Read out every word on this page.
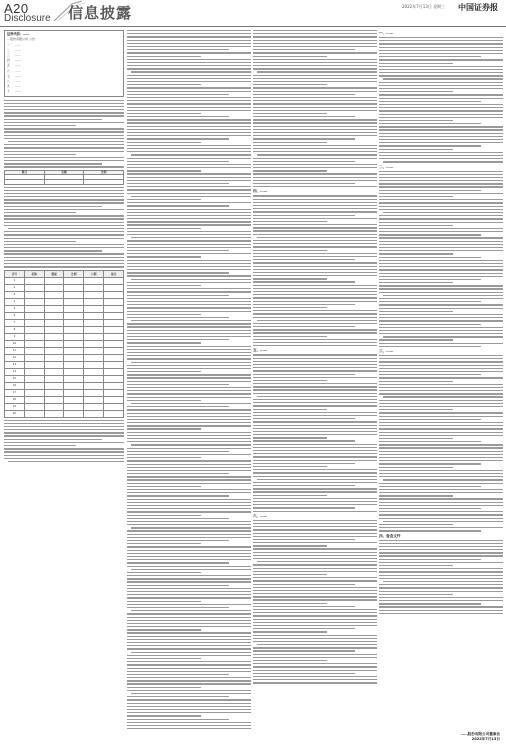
A20
Disclosure 信息披露	2022年7月13日 星期三 中国证券报
证券代码：……
…股份有限公司 公告
一	……
二	……
三	……
四	……
五	……
六	……
七	……
八	……
九	……
十	……
项目	金额	比例

序号	名称	数量	比例	日期	备注
1					
2					
3					
4					
5					
6					
7					
8					
9					
10					
11					
12					
13					
14					
15					
16					
17					
18					
19					
20					
四、……
五、……
六、……
一、……
二、……
三、……
四、备查文件
……股份有限公司董事会
2022年7月13日
